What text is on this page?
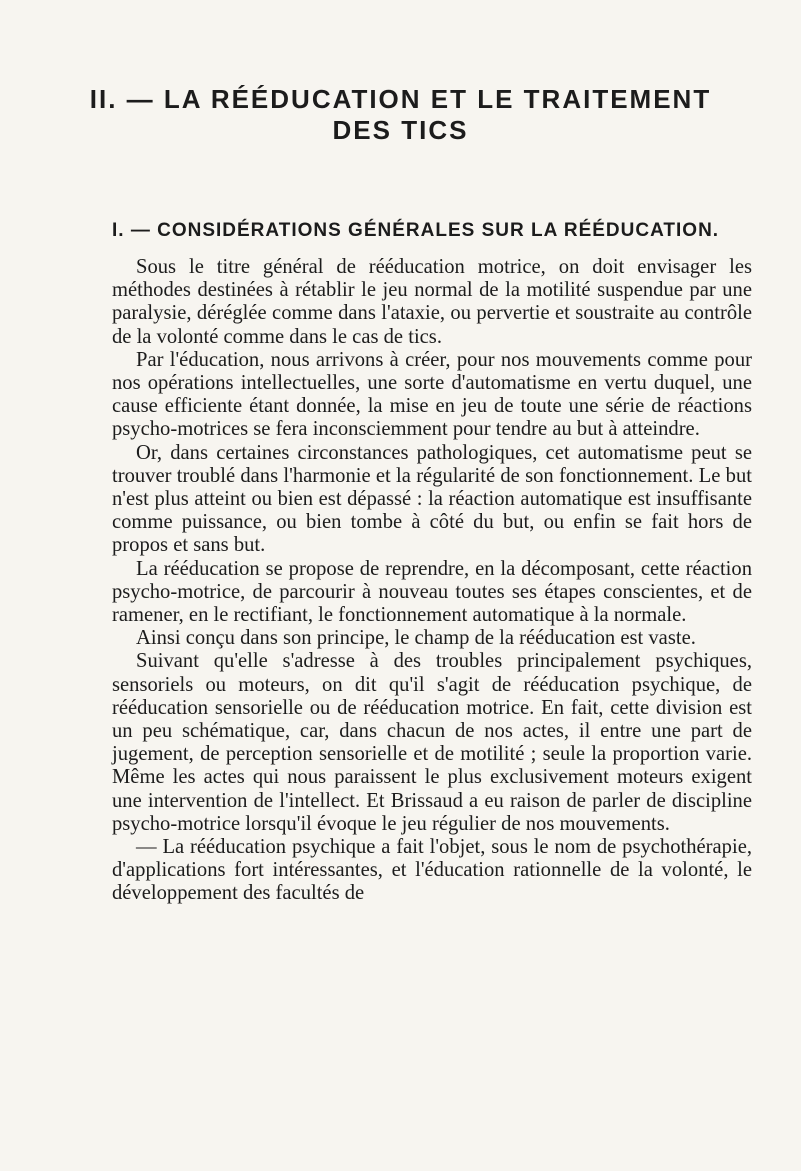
II. — LA RÉÉDUCATION ET LE TRAITEMENT
DES TICS
I. — CONSIDÉRATIONS GÉNÉRALES SUR LA RÉÉDUCATION.

Sous le titre général de rééducation motrice, on doit envisager les méthodes destinées à rétablir le jeu normal de la motilité suspendue par une paralysie, déréglée comme dans l'ataxie, ou pervertie et soustraite au contrôle de la volonté comme dans le cas de tics.

Par l'éducation, nous arrivons à créer, pour nos mouvements comme pour nos opérations intellectuelles, une sorte d'automatisme en vertu duquel, une cause efficiente étant donnée, la mise en jeu de toute une série de réactions psycho-motrices se fera inconsciemment pour tendre au but à atteindre.

Or, dans certaines circonstances pathologiques, cet automatisme peut se trouver troublé dans l'harmonie et la régularité de son fonctionnement. Le but n'est plus atteint ou bien est dépassé : la réaction automatique est insuffisante comme puissance, ou bien tombe à côté du but, ou enfin se fait hors de propos et sans but.

La rééducation se propose de reprendre, en la décomposant, cette réaction psycho-motrice, de parcourir à nouveau toutes ses étapes conscientes, et de ramener, en le rectifiant, le fonctionnement automatique à la normale.

Ainsi conçu dans son principe, le champ de la rééducation est vaste.

Suivant qu'elle s'adresse à des troubles principalement psychiques, sensoriels ou moteurs, on dit qu'il s'agit de rééducation psychique, de rééducation sensorielle ou de rééducation motrice. En fait, cette division est un peu schématique, car, dans chacun de nos actes, il entre une part de jugement, de perception sensorielle et de motilité ; seule la proportion varie. Même les actes qui nous paraissent le plus exclusivement moteurs exigent une intervention de l'intellect. Et Brissaud a eu raison de parler de discipline psycho-motrice lorsqu'il évoque le jeu régulier de nos mouvements.

— La rééducation psychique a fait l'objet, sous le nom de psychothérapie, d'applications fort intéressantes, et l'éducation rationnelle de la volonté, le développement des facultés de
